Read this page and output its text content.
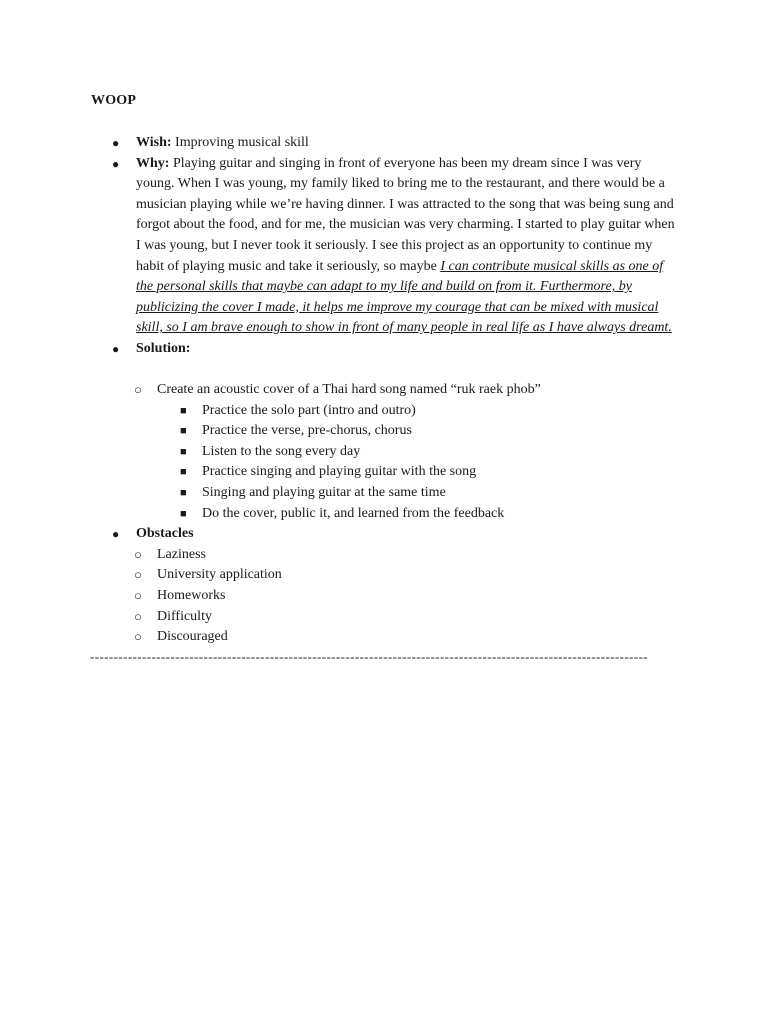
WOOP
●	Wish: Improving musical skill
●	Why: Playing guitar and singing in front of everyone has been my dream since I was very young. When I was young, my family liked to bring me to the restaurant, and there would be a musician playing while we’re having dinner. I was attracted to the song that was being sung and forgot about the food, and for me, the musician was very charming. I started to play guitar when I was young, but I never took it seriously. I see this project as an opportunity to continue my habit of playing music and take it seriously, so maybe I can contribute musical skills as one of the personal skills that maybe can adapt to my life and build on from it. Furthermore, by publicizing the cover I made, it helps me improve my courage that can be mixed with musical skill, so I am brave enough to show in front of many people in real life as I have always dreamt.
●	Solution:
○	Create an acoustic cover of a Thai hard song named “ruk raek phob”
■	Practice the solo part (intro and outro)
■	Practice the verse, pre-chorus, chorus
■	Listen to the song every day
■	Practice singing and playing guitar with the song
■	Singing and playing guitar at the same time
■	Do the cover, public it, and learned from the feedback
●	Obstacles
○	Laziness
○	University application
○	Homeworks
○	Difficulty
○	Discouraged
----------------------------------------------------------------------------------------------------------------------
